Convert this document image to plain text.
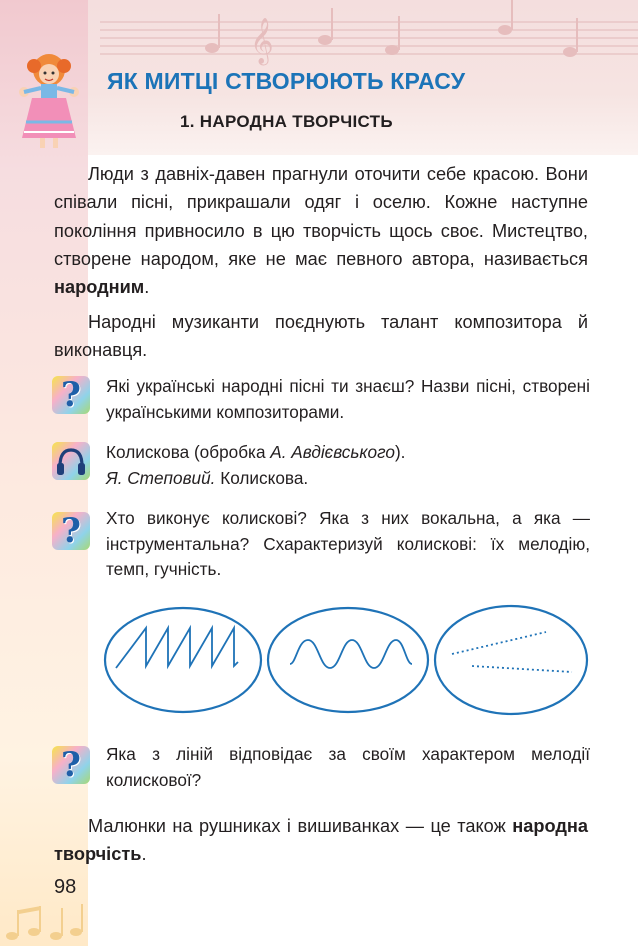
𝄞
ЯК МИТЦІ СТВОРЮЮТЬ КРАСУ
1. НАРОДНА ТВОРЧІСТЬ
Люди з давніх-давен прагнули оточити себе красою. Вони співали пісні, прикрашали одяг і оселю. Кожне наступне покоління привносило в цю творчість щось своє. Мистецтво, створене народом, яке не має певного автора, називається народним.
Народні музиканти поєднують талант композитора й виконавця.
?	Які українські народні пісні ти знаєш? Назви пісні, створені українськими композиторами.
Колискова (обробка А. Авдієвського).
Я. Степовий. Колискова.
?	Хто виконує колискові? Яка з них вокальна, а яка — інструментальна? Схарактеризуй колискові: їх мелодію, темп, гучність.
?	Яка з ліній відповідає за своїм характером мелодії колискової?
Малюнки на рушниках і вишиванках — це також народна творчість.
98
